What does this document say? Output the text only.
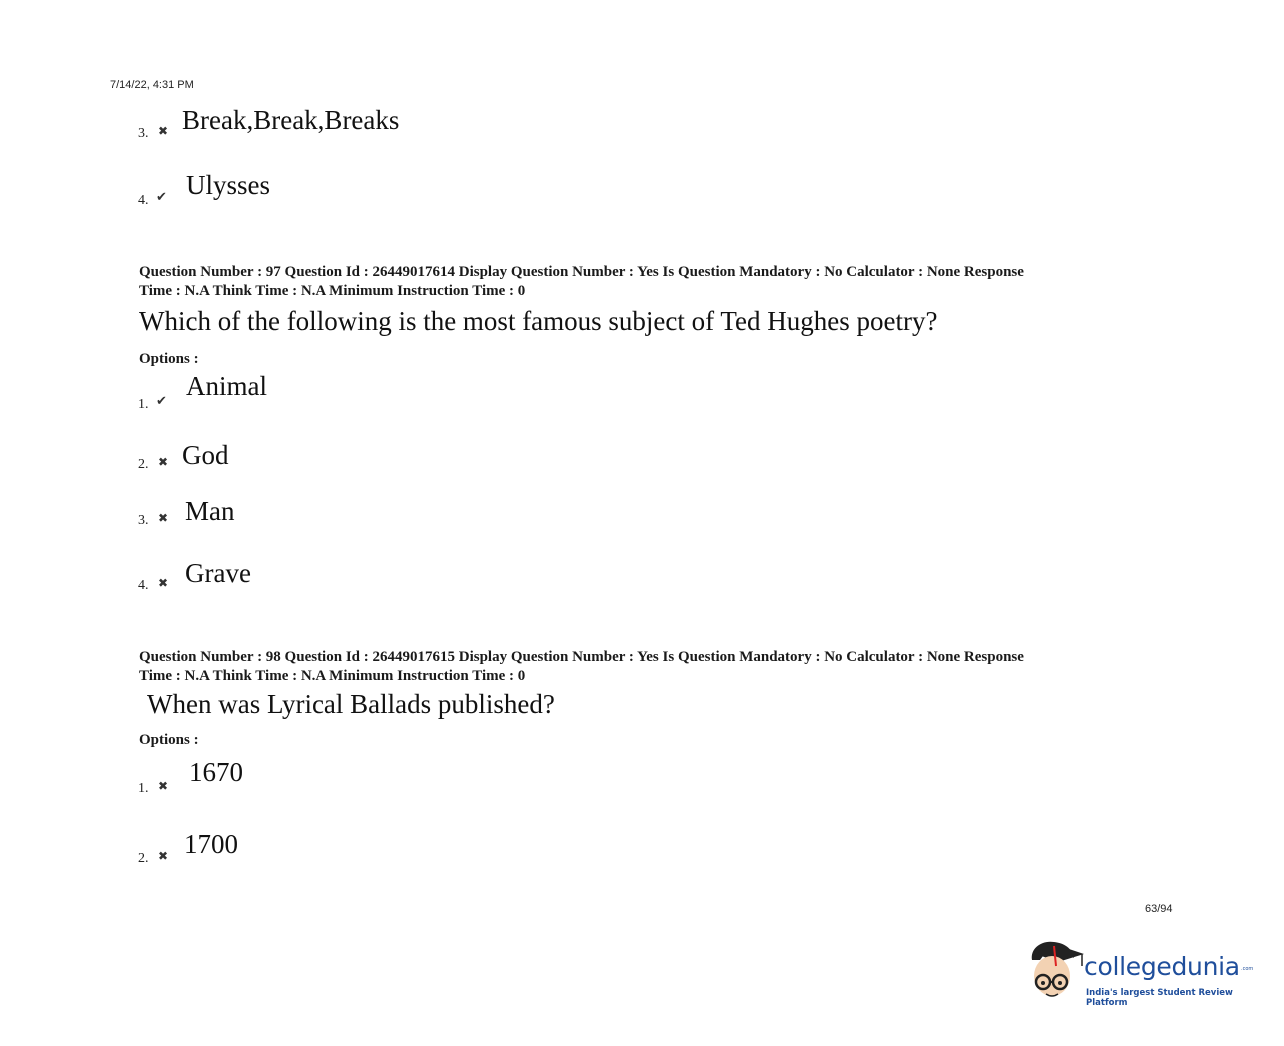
7/14/22, 4:31 PM
3. ✖ Break,Break,Breaks
4. ✔ Ulysses
Question Number : 97 Question Id : 26449017614 Display Question Number : Yes Is Question Mandatory : No Calculator : None Response
Time : N.A Think Time : N.A Minimum Instruction Time : 0
Which of the following is the most famous subject of Ted Hughes poetry?
Options :
1. ✔
Animal
2. ✖ God
3. ✖ Man
4. ✖ Grave
Question Number : 98 Question Id : 26449017615 Display Question Number : Yes Is Question Mandatory : No Calculator : None Response
Time : N.A Think Time : N.A Minimum Instruction Time : 0
When was Lyrical Ballads published?
Options :
1. ✖ 1670
2. ✖ 1700
63/94
collegedunia .com
India's largest Student Review Platform
